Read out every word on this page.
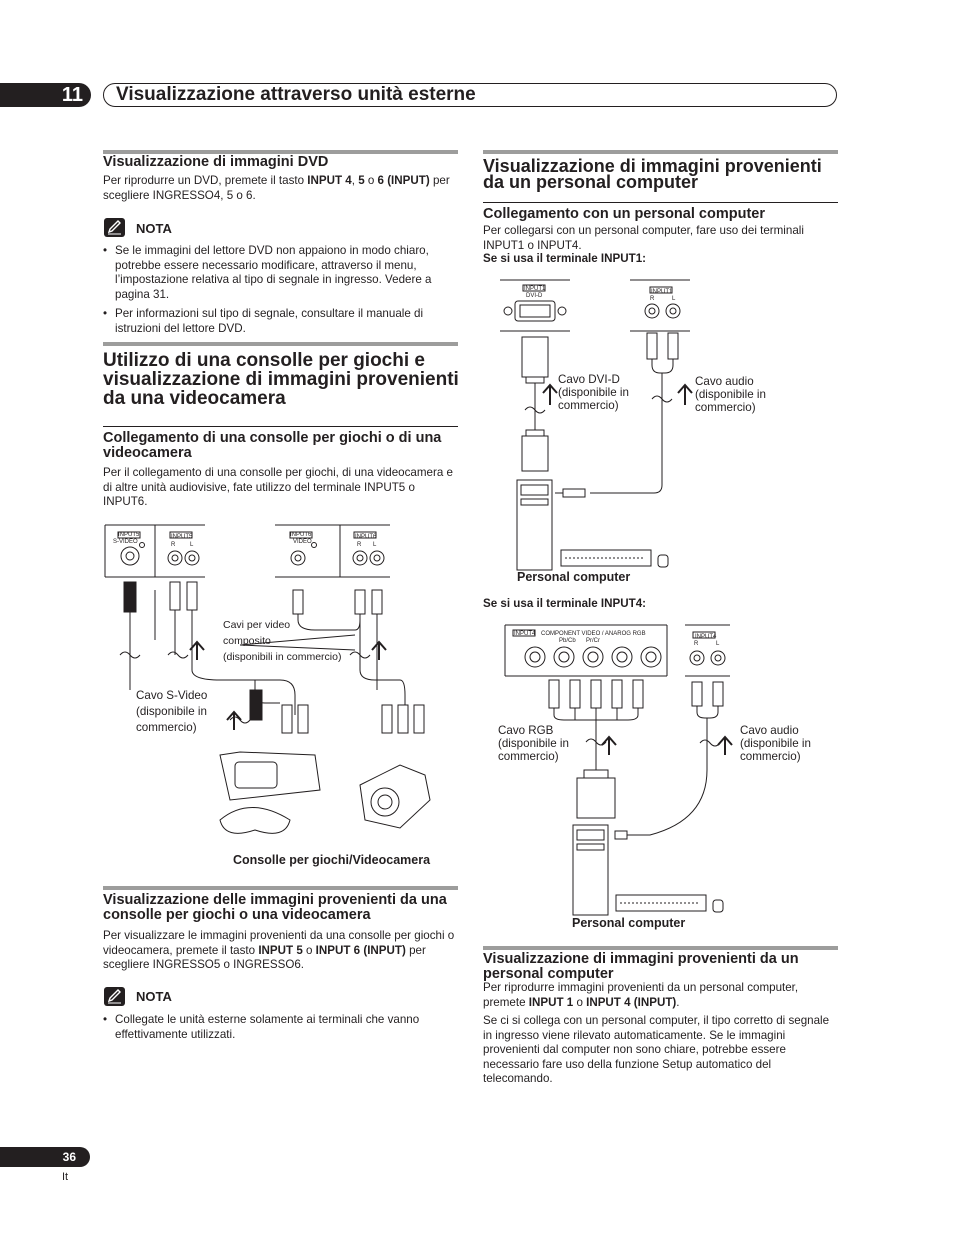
11	Visualizzazione attraverso unità esterne
Visualizzazione di immagini DVD
Per riprodurre un DVD, premete il tasto INPUT 4, 5 o 6 (INPUT) per scegliere INGRESSO4, 5 o 6.
NOTA
• Se le immagini del lettore DVD non appaiono in modo chiaro, potrebbe essere necessario modificare, attraverso il menu, l’impostazione relativa al tipo di segnale in ingresso. Vedere a pagina 31.
• Per informazioni sul tipo di segnale, consultare il manuale di istruzioni del lettore DVD.
Utilizzo di una consolle per giochi e visualizzazione di immagini provenienti da una videocamera
Collegamento di una consolle per giochi o di una videocamera
Per il collegamento di una consolle per giochi, di una videocamera e di altre unità audiovisive, fate utilizzo del terminale INPUT5 o INPUT6.
INPUT5
S-VIDEO
INPUT5
R L
INPUT6
VIDEO
INPUT6
R L
Cavi per video
composito
(disponibili in commercio)
Cavo S-Video
(disponibile in
commercio)
Consolle per giochi/Videocamera
Visualizzazione delle immagini provenienti da una consolle per giochi o una videocamera
Per visualizzare le immagini provenienti da una consolle per giochi o videocamera, premete il tasto INPUT 5 o INPUT 6 (INPUT) per scegliere INGRESSO5 o INGRESSO6.
NOTA
• Collegate le unità esterne solamente ai terminali che vanno effettivamente utilizzati.
Visualizzazione di immagini provenienti da un personal computer
Collegamento con un personal computer
Per collegarsi con un personal computer, fare uso dei terminali INPUT1 o INPUT4.
Se si usa il terminale INPUT1:
INPUT1
DVI-D
INPUT1
R	L
Cavo DVI-D
(disponibile in
commercio)
Cavo audio
(disponibile in
commercio)
Personal computer
Se si usa il terminale INPUT4:
INPUT4 COMPONENT VIDEO / ANAROG RGB
Pb/Cb Pr/Cr
INPUT4
R	L
Cavo RGB
(disponibile in
commercio)
Cavo audio
(disponibile in
commercio)
Personal computer
Visualizzazione di immagini provenienti da un personal computer
Per riprodurre immagini provenienti da un personal computer, premete INPUT 1 o INPUT 4 (INPUT).
Se ci si collega con un personal computer, il tipo corretto di segnale in ingresso viene rilevato automaticamente. Se le immagini provenienti dal computer non sono chiare, potrebbe essere necessario fare uso della funzione Setup automatico del telecomando.
36
It
